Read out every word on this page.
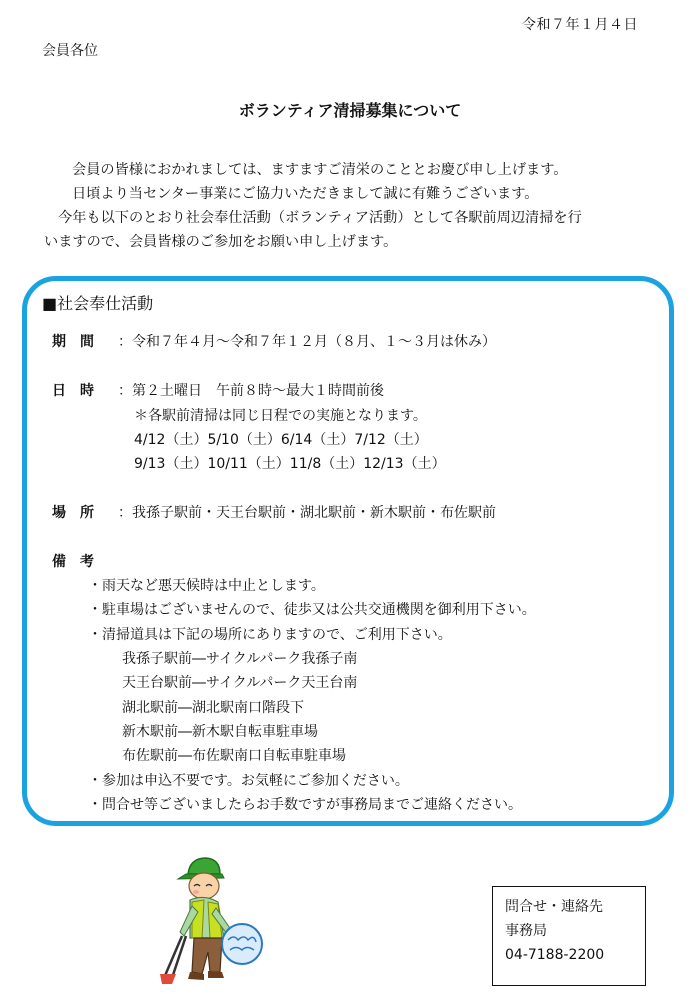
令和７年１月４日
会員各位
ボランティア清掃募集について

会員の皆様におかれましては、ますますご清栄のこととお慶び申し上げます。

日頃より当センター事業にご協力いただきまして誠に有難うございます。

今年も以下のとおり社会奉仕活動（ボランティア活動）として各駅前周辺清掃を行

いますので、会員皆様のご参加をお願い申し上げます。

■社会奉仕活動
期　間 ：令和７年４月～令和７年１２月（８月、１～３月は休み）
日　時 ：第２土曜日　午前８時～最大１時間前後
＊各駅前清掃は同じ日程での実施となります。
4/12（土）5/10（土）6/14（土）7/12（土）
9/13（土）10/11（土）11/8（土）12/13（土）
場　所 ：我孫子駅前・天王台駅前・湖北駅前・新木駅前・布佐駅前
備　考
・雨天など悪天候時は中止とします。
・駐車場はございませんので、徒歩又は公共交通機関を御利用下さい。
・清掃道具は下記の場所にありますので、ご利用下さい。
我孫子駅前―サイクルパーク我孫子南
天王台駅前―サイクルパーク天王台南
湖北駅前―湖北駅南口階段下
新木駅前―新木駅自転車駐車場
布佐駅前―布佐駅南口自転車駐車場
・参加は申込不要です。お気軽にご参加ください。
・問合せ等ございましたらお手数ですが事務局までご連絡ください。
問合せ・連絡先
事務局
04-7188-2200
